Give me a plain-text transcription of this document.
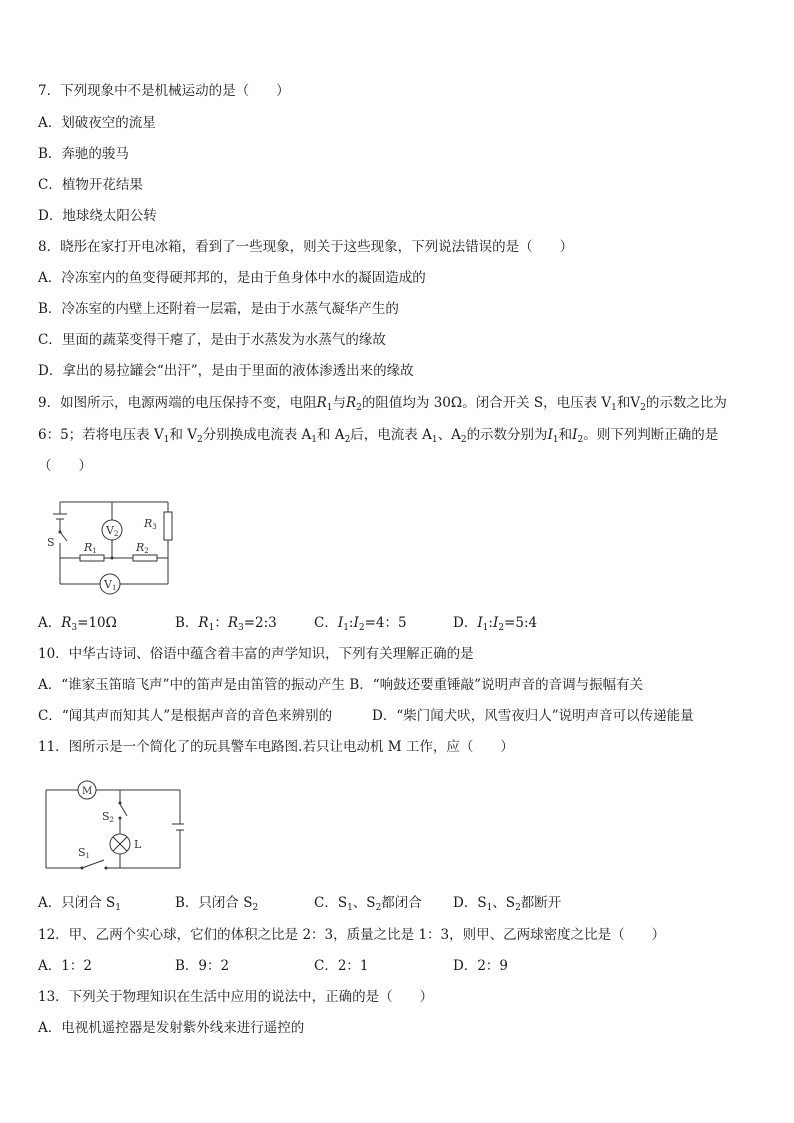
7．下列现象中不是机械运动的是（　　）
A．划破夜空的流星
B．奔驰的骏马
C．植物开花结果
D．地球绕太阳公转
8．晓彤在家打开电冰箱，看到了一些现象，则关于这些现象，下列说法错误的是（　　）
A．冷冻室内的鱼变得硬邦邦的，是由于鱼身体中水的凝固造成的
B．冷冻室的内壁上还附着一层霜，是由于水蒸气凝华产生的
C．里面的蔬菜变得干瘪了，是由于水蒸发为水蒸气的缘故
D．拿出的易拉罐会“出汗”，是由于里面的液体渗透出来的缘故
9．如图所示，电源两端的电压保持不变，电阻$R_1$与$R_2$的阻值均为 30Ω。闭合开关 S，电压表 $V_1$和$V_2$的示数之比为
6：5；若将电压表 $V_1$和 $V_2$分别换成电流表 $A_1$和 $A_2$后，电流表 $A_1$、$A_2$的示数分别为$I_1$和$I_2$。则下列判断正确的是
（　　）
V2
V1
R1	R2
R3
S
A．$R_3=10\Omega$	B．$R_1$：$R_3=2:3$	C．$I_1:I_2=4$：5	D．$I_1:I_2=5:4$
10．中华古诗词、俗语中蕴含着丰富的声学知识，下列有关理解正确的是
A．“谁家玉笛暗飞声”中的笛声是由笛管的振动产生 B．“响鼓还要重锤敲”说明声音的音调与振幅有关
C．“闻其声而知其人”是根据声音的音色来辨别的	D．“柴门闻犬吠，风雪夜归人”说明声音可以传递能量
11．图所示是一个简化了的玩具警车电路图.若只让电动机 M 工作，应（　　）
M
S2
L
S1
A．只闭合 $S_1$	B．只闭合 $S_2$	C．$S_1$、$S_2$都闭合 D．$S_1$、$S_2$都断开
12．甲、乙两个实心球，它们的体积之比是 2：3，质量之比是 1：3，则甲、乙两球密度之比是（　　）
A．1：2	B．9：2	C．2：1	D．2：9
13．下列关于物理知识在生活中应用的说法中，正确的是（　　）
A．电视机遥控器是发射紫外线来进行遥控的
